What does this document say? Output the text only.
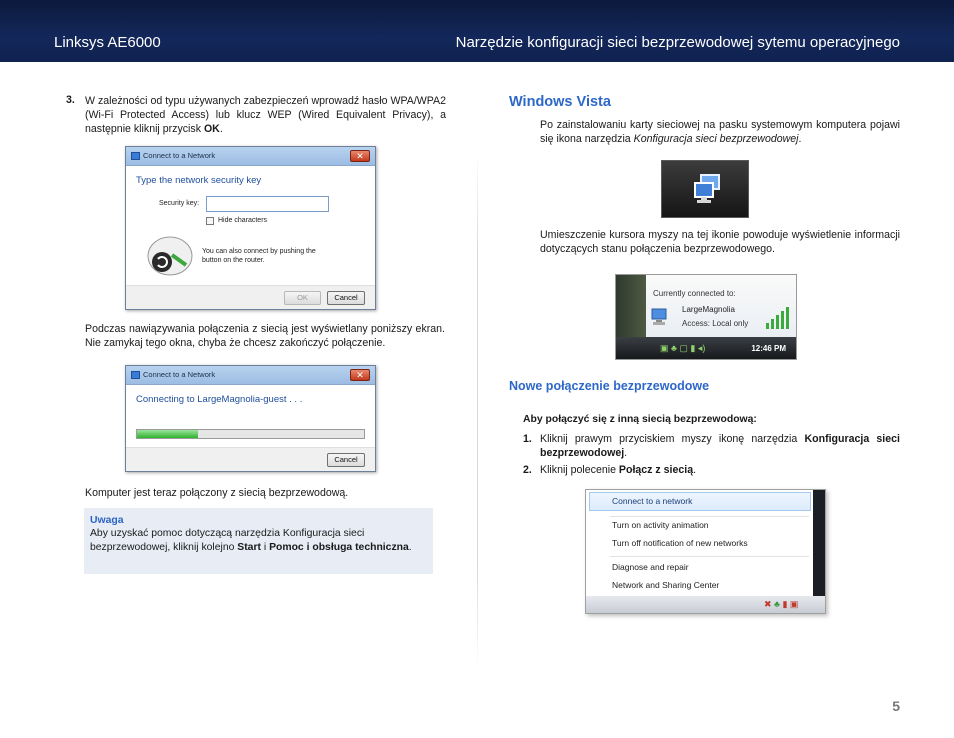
Linksys AE6000	Narzędzie konfiguracji sieci bezprzewodowej sytemu operacyjnego
3. W zależności od typu używanych zabezpieczeń wprowadź hasło WPA/WPA2 (Wi-Fi Protected Access) lub klucz WEP (Wired Equivalent Privacy), a następnie kliknij przycisk OK.

Connect to a Network	✕
Type the network security key
Security key:
Hide characters
You can also connect by pushing the button on the router.
OK	Cancel

Podczas nawiązywania połączenia z siecią jest wyświetlany poniższy ekran. Nie zamykaj tego okna, chyba że chcesz zakończyć połączenie.

Connect to a Network	✕
Connecting to LargeMagnolia-guest . . .
Cancel

Komputer jest teraz połączony z siecią bezprzewodową.

Uwaga
Aby uzyskać pomoc dotyczącą narzędzia Konfiguracja sieci bezprzewodowej, kliknij kolejno Start i Pomoc i obsługa techniczna.
Windows Vista

Po zainstalowaniu karty sieciowej na pasku systemowym komputera pojawi się ikona narzędzia Konfiguracja sieci bezprzewodowej.

Umieszczenie kursora myszy na tej ikonie powoduje wyświetlenie informacji dotyczących stanu połączenia bezprzewodowego.

Currently connected to:
LargeMagnolia
Access: Local only
▣ ♣ ▢ ▮ ◂)	12:46 PM
Nowe połączenie bezprzewodowe
Aby połączyć się z inną siecią bezprzewodową:
1. Kliknij prawym przyciskiem myszy ikonę narzędzia Konfiguracja sieci bezprzewodowej.

2. Kliknij polecenie Połącz z siecią.

Connect to a network
Turn on activity animation
Turn off notification of new networks
Diagnose and repair
Network and Sharing Center
✖ ♣ ▮ ▣
5
